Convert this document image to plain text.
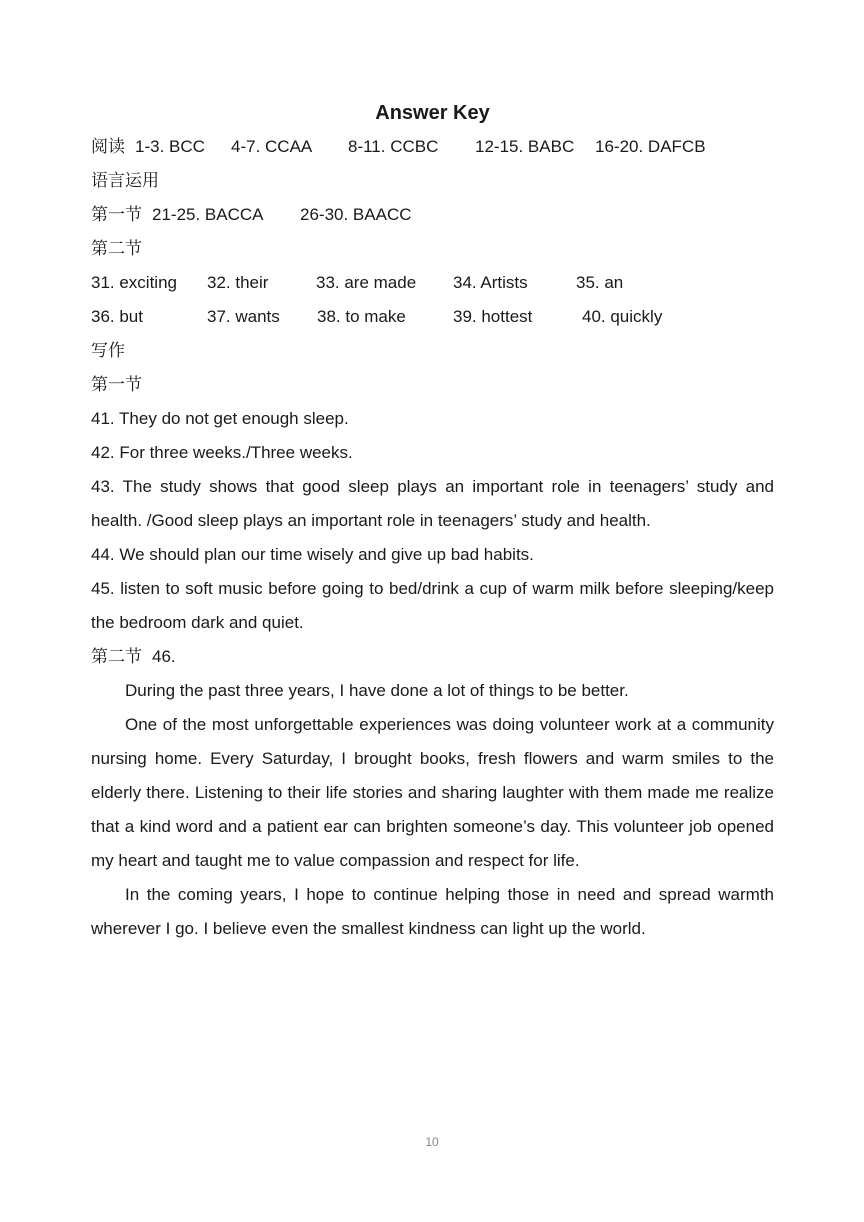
Answer Key
阅读 1-3. BCC 4-7. CCAA 8-11. CCBC 12-15. BABC 16-20. DAFCB
语言运用
第一节 21-25. BACCA 26-30. BAACC
第二节
31. exciting 32. their	33. are made 34. Artists	35. an
36. but	37. wants 38. to make	39. hottest	40. quickly
写作
第一节
41. They do not get enough sleep.
42. For three weeks./Three weeks.

43. The study shows that good sleep plays an important role in teenagers’ study and health. /Good sleep plays an important role in teenagers’ study and health.

44. We should plan our time wisely and give up bad habits.

45. listen to soft music before going to bed/drink a cup of warm milk before sleeping/keep the bedroom dark and quiet.

第二节 46.

During the past three years, I have done a lot of things to be better.

One of the most unforgettable experiences was doing volunteer work at a community nursing home. Every Saturday, I brought books, fresh flowers and warm smiles to the elderly there. Listening to their life stories and sharing laughter with them made me realize that a kind word and a patient ear can brighten someone’s day. This volunteer job opened my heart and taught me to value compassion and respect for life.

In the coming years, I hope to continue helping those in need and spread warmth wherever I go. I believe even the smallest kindness can light up the world.

10
